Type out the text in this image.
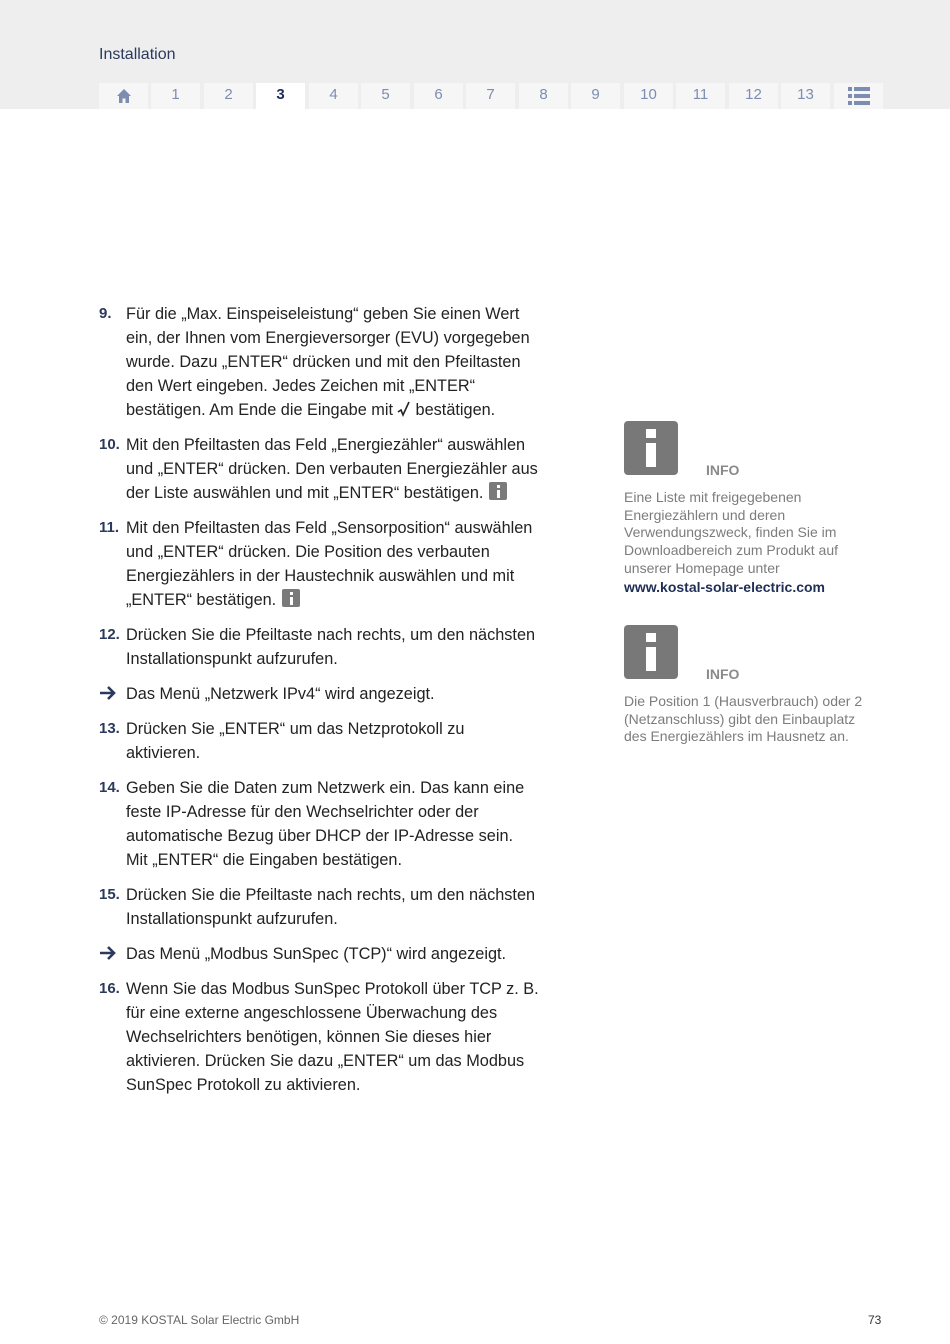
Installation
1	2	3	4	5	6	7	8	9	10	11	12	13
9. Für die „Max. Einspeiseleistung“ geben Sie einen Wert ein, der Ihnen vom Energieversorger (EVU) vorgegeben wurde. Dazu „ENTER“ drücken und mit den Pfeiltasten den Wert eingeben. Jedes Zeichen mit „ENTER“ bestätigen. Am Ende die Eingabe mit bestätigen.
10. Mit den Pfeiltasten das Feld „Energiezähler“ auswählen und „ENTER“ drücken. Den verbauten Energiezähler aus der Liste auswählen und mit „ENTER“ bestätigen.
11. Mit den Pfeiltasten das Feld „Sensorposition“ auswählen und „ENTER“ drücken. Die Position des verbauten Energiezählers in der Haustechnik auswählen und mit „ENTER“ bestätigen.
12. Drücken Sie die Pfeiltaste nach rechts, um den nächsten Installationspunkt aufzurufen.
Das Menü „Netzwerk IPv4“ wird angezeigt.
13. Drücken Sie „ENTER“ um das Netzprotokoll zu aktivieren.
14. Geben Sie die Daten zum Netzwerk ein. Das kann eine feste IP-Adresse für den Wechselrichter oder der automatische Bezug über DHCP der IP-Adresse sein. Mit „ENTER“ die Eingaben bestätigen.
15. Drücken Sie die Pfeiltaste nach rechts, um den nächsten Installationspunkt aufzurufen.
Das Menü „Modbus SunSpec (TCP)“ wird angezeigt.
16. Wenn Sie das Modbus SunSpec Protokoll über TCP z. B. für eine externe angeschlossene Überwachung des Wechselrichters benötigen, können Sie dieses hier aktivieren. Drücken Sie dazu „ENTER“ um das Modbus SunSpec Protokoll zu aktivieren.
INFO
Eine Liste mit freigegebenen Energiezählern und deren Verwendungszweck, finden Sie im Downloadbereich zum Produkt auf unserer Homepage unter
www.kostal-solar-electric.com
INFO
Die Position 1 (Hausverbrauch) oder 2 (Netzanschluss) gibt den Einbauplatz des Energiezählers im Hausnetz an.
© 2019 KOSTAL Solar Electric GmbH	73
